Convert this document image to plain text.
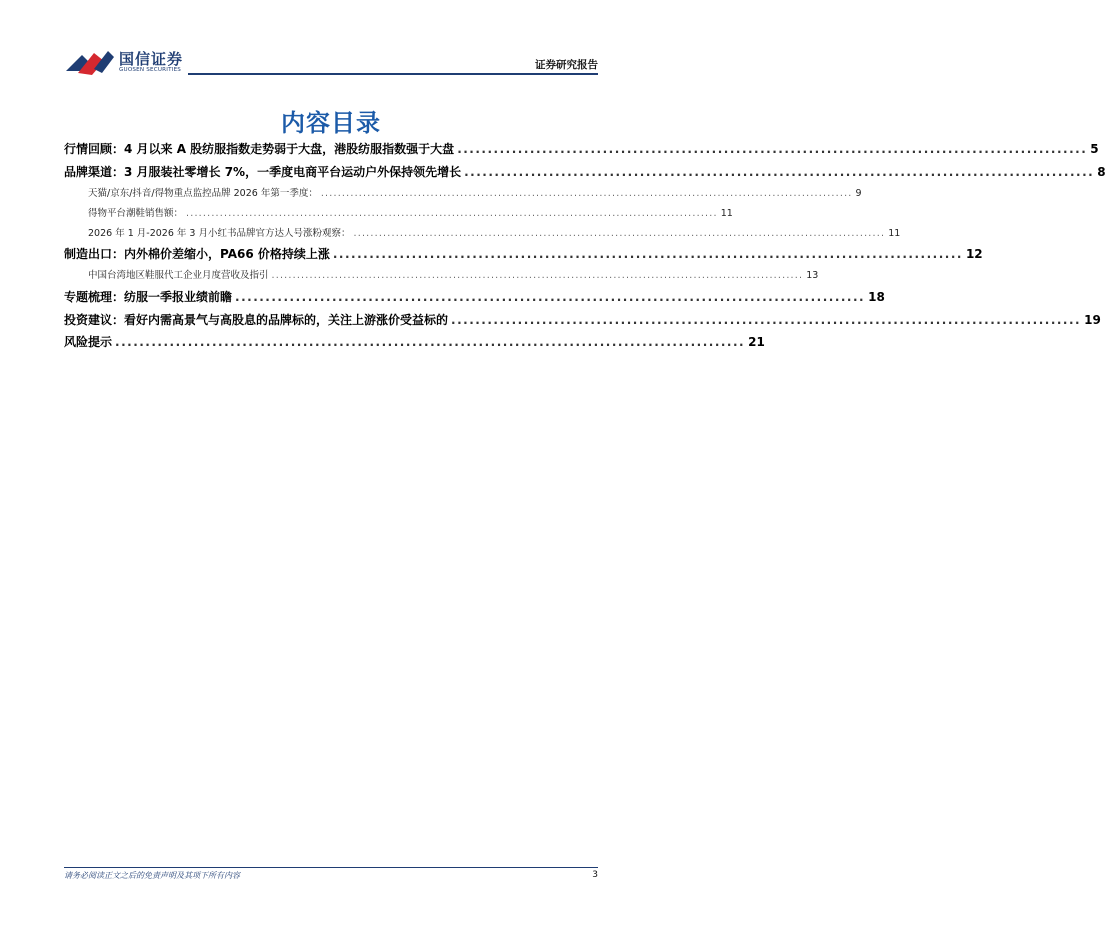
国信证券
GUOSEN SECURITIES	证券研究报告
内容目录
行情回顾：4 月以来 A 股纺服指数走势弱于大盘，港股纺服指数强于大盘 ........................................................................................................ 5
品牌渠道：3 月服装社零增长 7%，一季度电商平台运动户外保持领先增长 ........................................................................................................ 8
天猫/京东/抖音/得物重点监控品牌 2026 年第一季度： .............................................................................................................................. 9
得物平台潮鞋销售额： .............................................................................................................................. 11
2026 年 1 月-2026 年 3 月小红书品牌官方达人号涨粉观察： .............................................................................................................................. 11
制造出口：内外棉价差缩小，PA66 价格持续上涨 ........................................................................................................ 12
中国台湾地区鞋服代工企业月度营收及指引 .............................................................................................................................. 13
专题梳理：纺服一季报业绩前瞻 ........................................................................................................ 18
投资建议：看好内需高景气与高股息的品牌标的，关注上游涨价受益标的 ........................................................................................................ 19
风险提示 ........................................................................................................ 21
请务必阅读正文之后的免责声明及其项下所有内容	3
